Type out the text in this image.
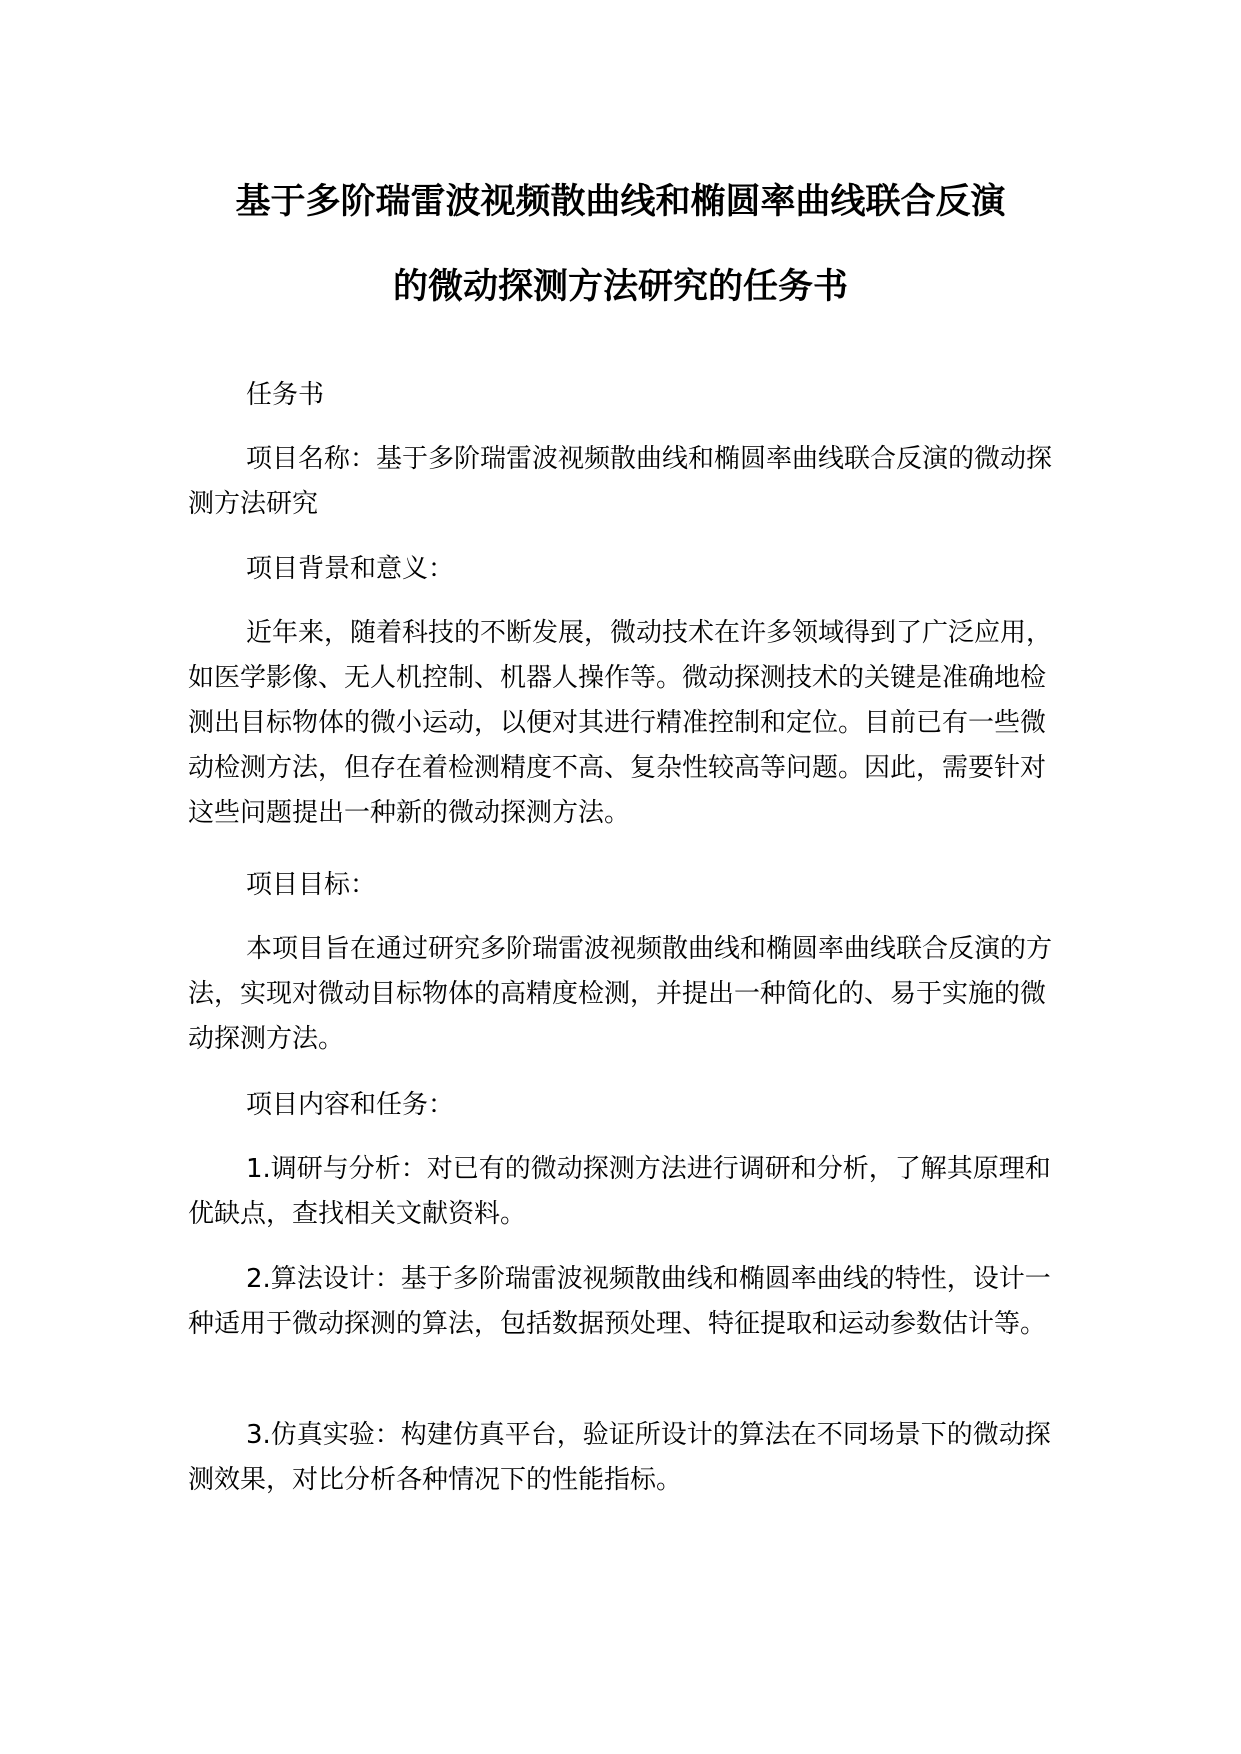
基于多阶瑞雷波视频散曲线和椭圆率曲线联合反演
的微动探测方法研究的任务书

任务书

项目名称：基于多阶瑞雷波视频散曲线和椭圆率曲线联合反演的微动探测方法研究

项目背景和意义：

近年来，随着科技的不断发展，微动技术在许多领域得到了广泛应用，如医学影像、无人机控制、机器人操作等。微动探测技术的关键是准确地检测出目标物体的微小运动，以便对其进行精准控制和定位。目前已有一些微动检测方法，但存在着检测精度不高、复杂性较高等问题。因此，需要针对这些问题提出一种新的微动探测方法。

项目目标：

本项目旨在通过研究多阶瑞雷波视频散曲线和椭圆率曲线联合反演的方法，实现对微动目标物体的高精度检测，并提出一种简化的、易于实施的微动探测方法。

项目内容和任务：

1.调研与分析：对已有的微动探测方法进行调研和分析，了解其原理和优缺点，查找相关文献资料。

2.算法设计：基于多阶瑞雷波视频散曲线和椭圆率曲线的特性，设计一种适用于微动探测的算法，包括数据预处理、特征提取和运动参数估计等。

3.仿真实验：构建仿真平台，验证所设计的算法在不同场景下的微动探测效果，对比分析各种情况下的性能指标。
